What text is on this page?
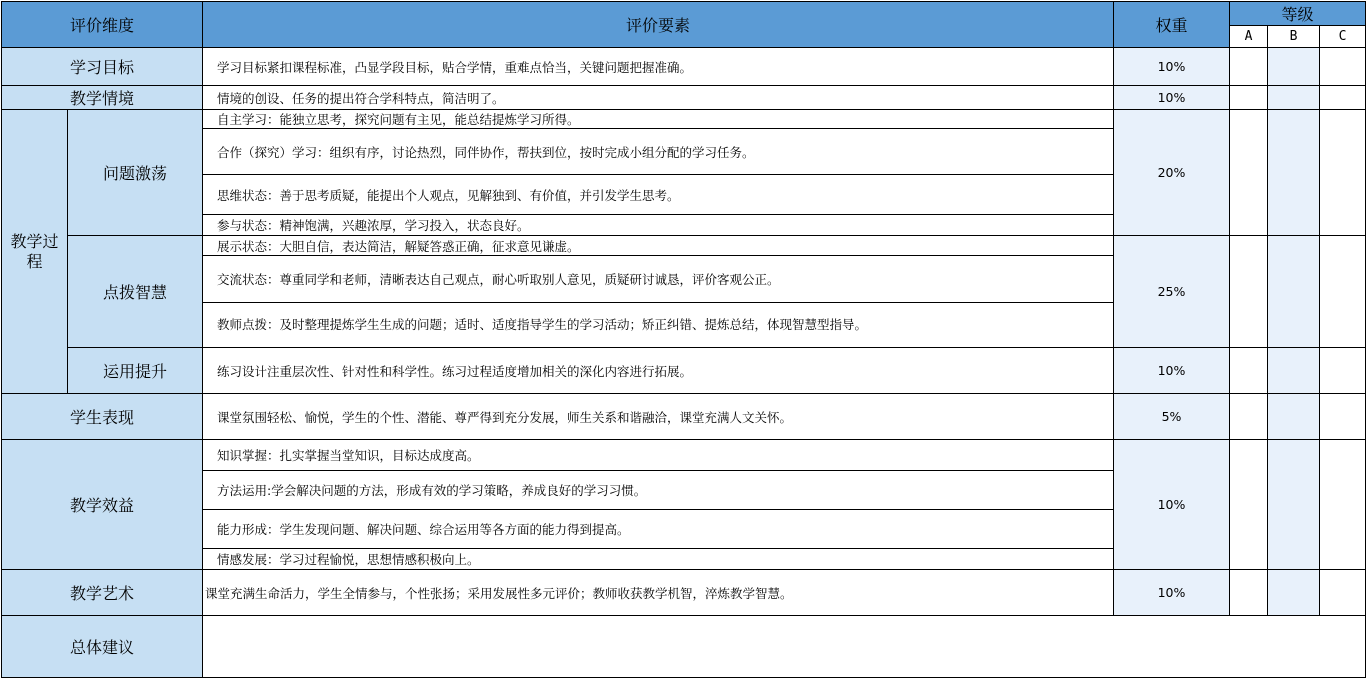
评价维度		评价要素	权重	等级		
				A	B	C
学习目标		学习目标紧扣课程标准，凸显学段目标，贴合学情，重难点恰当，关键问题把握准确。	10%			
教学情境		情境的创设、任务的提出符合学科特点，简洁明了。	10%			
教学过程	问题激荡	自主学习：能独立思考，探究问题有主见，能总结提炼学习所得。	20%			
		合作（探究）学习：组织有序，讨论热烈，同伴协作，帮扶到位，按时完成小组分配的学习任务。				
		思维状态：善于思考质疑，能提出个人观点，见解独到、有价值，并引发学生思考。				
		参与状态：精神饱满，兴趣浓厚，学习投入，状态良好。				
	点拨智慧	展示状态：大胆自信，表达简洁，解疑答惑正确，征求意见谦虚。	25%			
		交流状态：尊重同学和老师，清晰表达自己观点，耐心听取别人意见，质疑研讨诚恳，评价客观公正。				
		教师点拨：及时整理提炼学生生成的问题；适时、适度指导学生的学习活动；矫正纠错、提炼总结，体现智慧型指导。				
	运用提升	练习设计注重层次性、针对性和科学性。练习过程适度增加相关的深化内容进行拓展。	10%			
学生表现		课堂氛围轻松、愉悦，学生的个性、潜能、尊严得到充分发展，师生关系和谐融洽，课堂充满人文关怀。	5%			
教学效益		知识掌握：扎实掌握当堂知识，目标达成度高。	10%			
		方法运用:学会解决问题的方法，形成有效的学习策略，养成良好的学习习惯。				
		能力形成：学生发现问题、解决问题、综合运用等各方面的能力得到提高。				
		情感发展：学习过程愉悦，思想情感积极向上。				
教学艺术		课堂充满生命活力，学生全情参与，个性张扬；采用发展性多元评价；教师收获教学机智，淬炼教学智慧。	10%			
总体建议						
